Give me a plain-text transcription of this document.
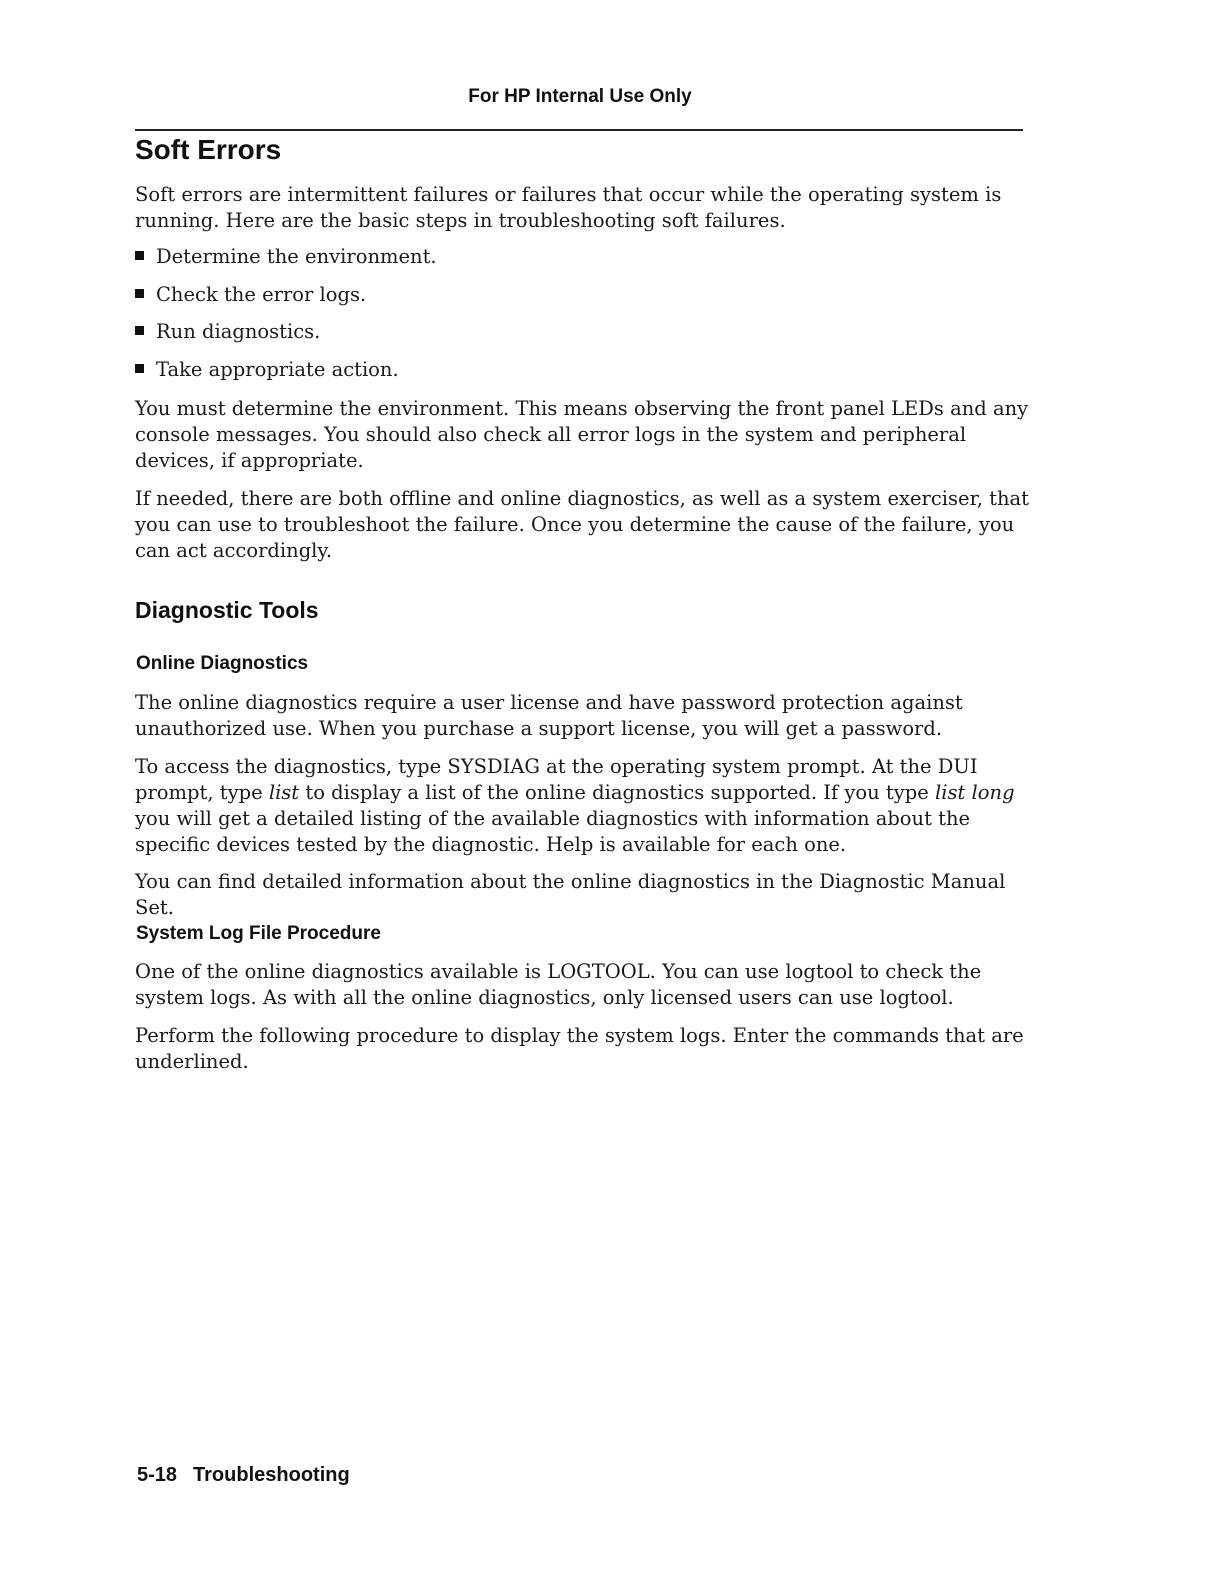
For HP Internal Use Only
Soft Errors
Soft errors are intermittent failures or failures that occur while the operating system is running. Here are the basic steps in troubleshooting soft failures.
Determine the environment.
Check the error logs.
Run diagnostics.
Take appropriate action.
You must determine the environment. This means observing the front panel LEDs and any console messages. You should also check all error logs in the system and peripheral devices, if appropriate.
If needed, there are both offline and online diagnostics, as well as a system exerciser, that you can use to troubleshoot the failure. Once you determine the cause of the failure, you can act accordingly.
Diagnostic Tools
Online Diagnostics
The online diagnostics require a user license and have password protection against unauthorized use. When you purchase a support license, you will get a password.
To access the diagnostics, type SYSDIAG at the operating system prompt. At the DUI prompt, type list to display a list of the online diagnostics supported. If you type list long you will get a detailed listing of the available diagnostics with information about the specific devices tested by the diagnostic. Help is available for each one.
You can find detailed information about the online diagnostics in the Diagnostic Manual Set.
System Log File Procedure
One of the online diagnostics available is LOGTOOL. You can use logtool to check the system logs. As with all the online diagnostics, only licensed users can use logtool.
Perform the following procedure to display the system logs. Enter the commands that are underlined.
5-18 Troubleshooting
